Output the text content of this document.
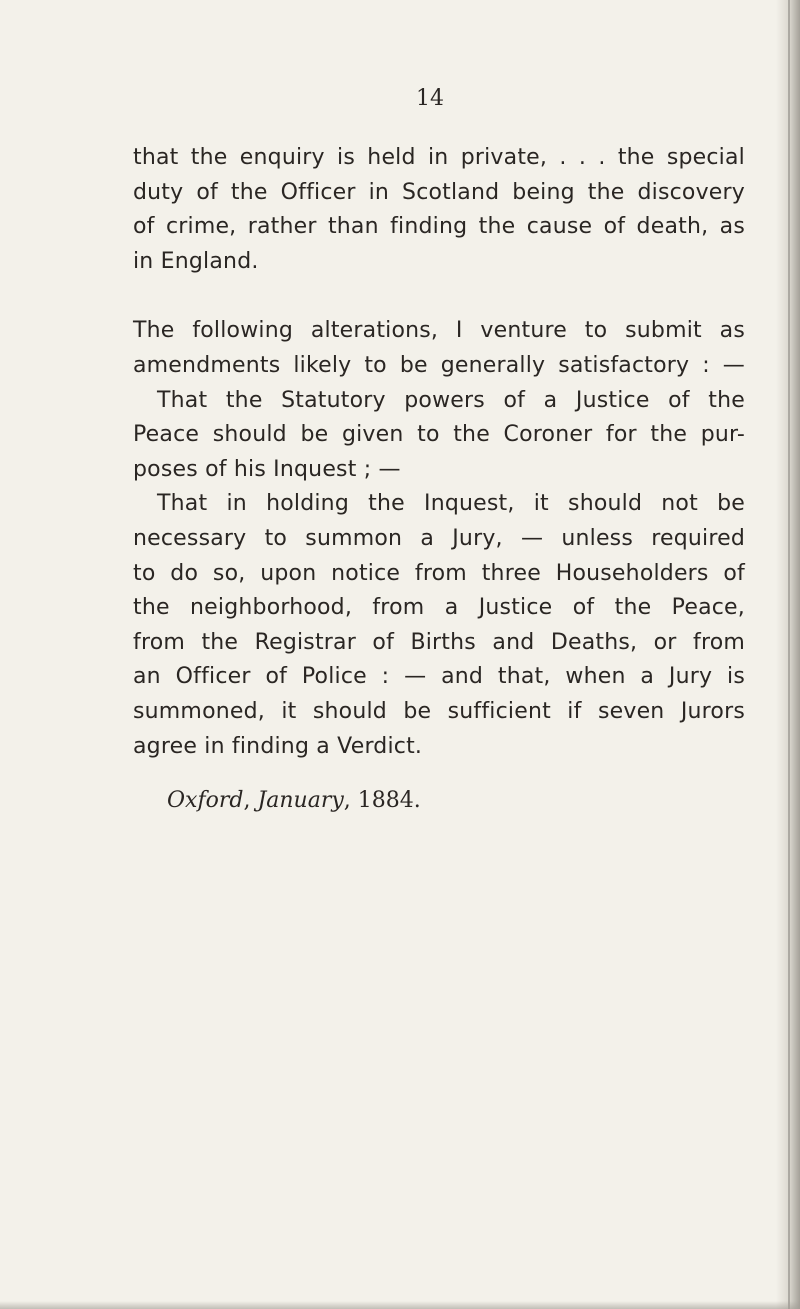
14
that the enquiry is held in private, . . . the special
duty of the Officer in Scotland being the discovery
of crime, rather than finding the cause of death, as
in England.
The following alterations, I venture to submit as
amendments likely to be generally satisfactory : —
That the Statutory powers of a Justice of the
Peace should be given to the Coroner for the pur-
poses of his Inquest ; —
That in holding the Inquest, it should not be
necessary to summon a Jury, — unless required
to do so, upon notice from three Householders of
the neighborhood, from a Justice of the Peace,
from the Registrar of Births and Deaths, or from
an Officer of Police : — and that, when a Jury is
summoned, it should be sufficient if seven Jurors
agree in finding a Verdict.
Oxford, January, 1884.
